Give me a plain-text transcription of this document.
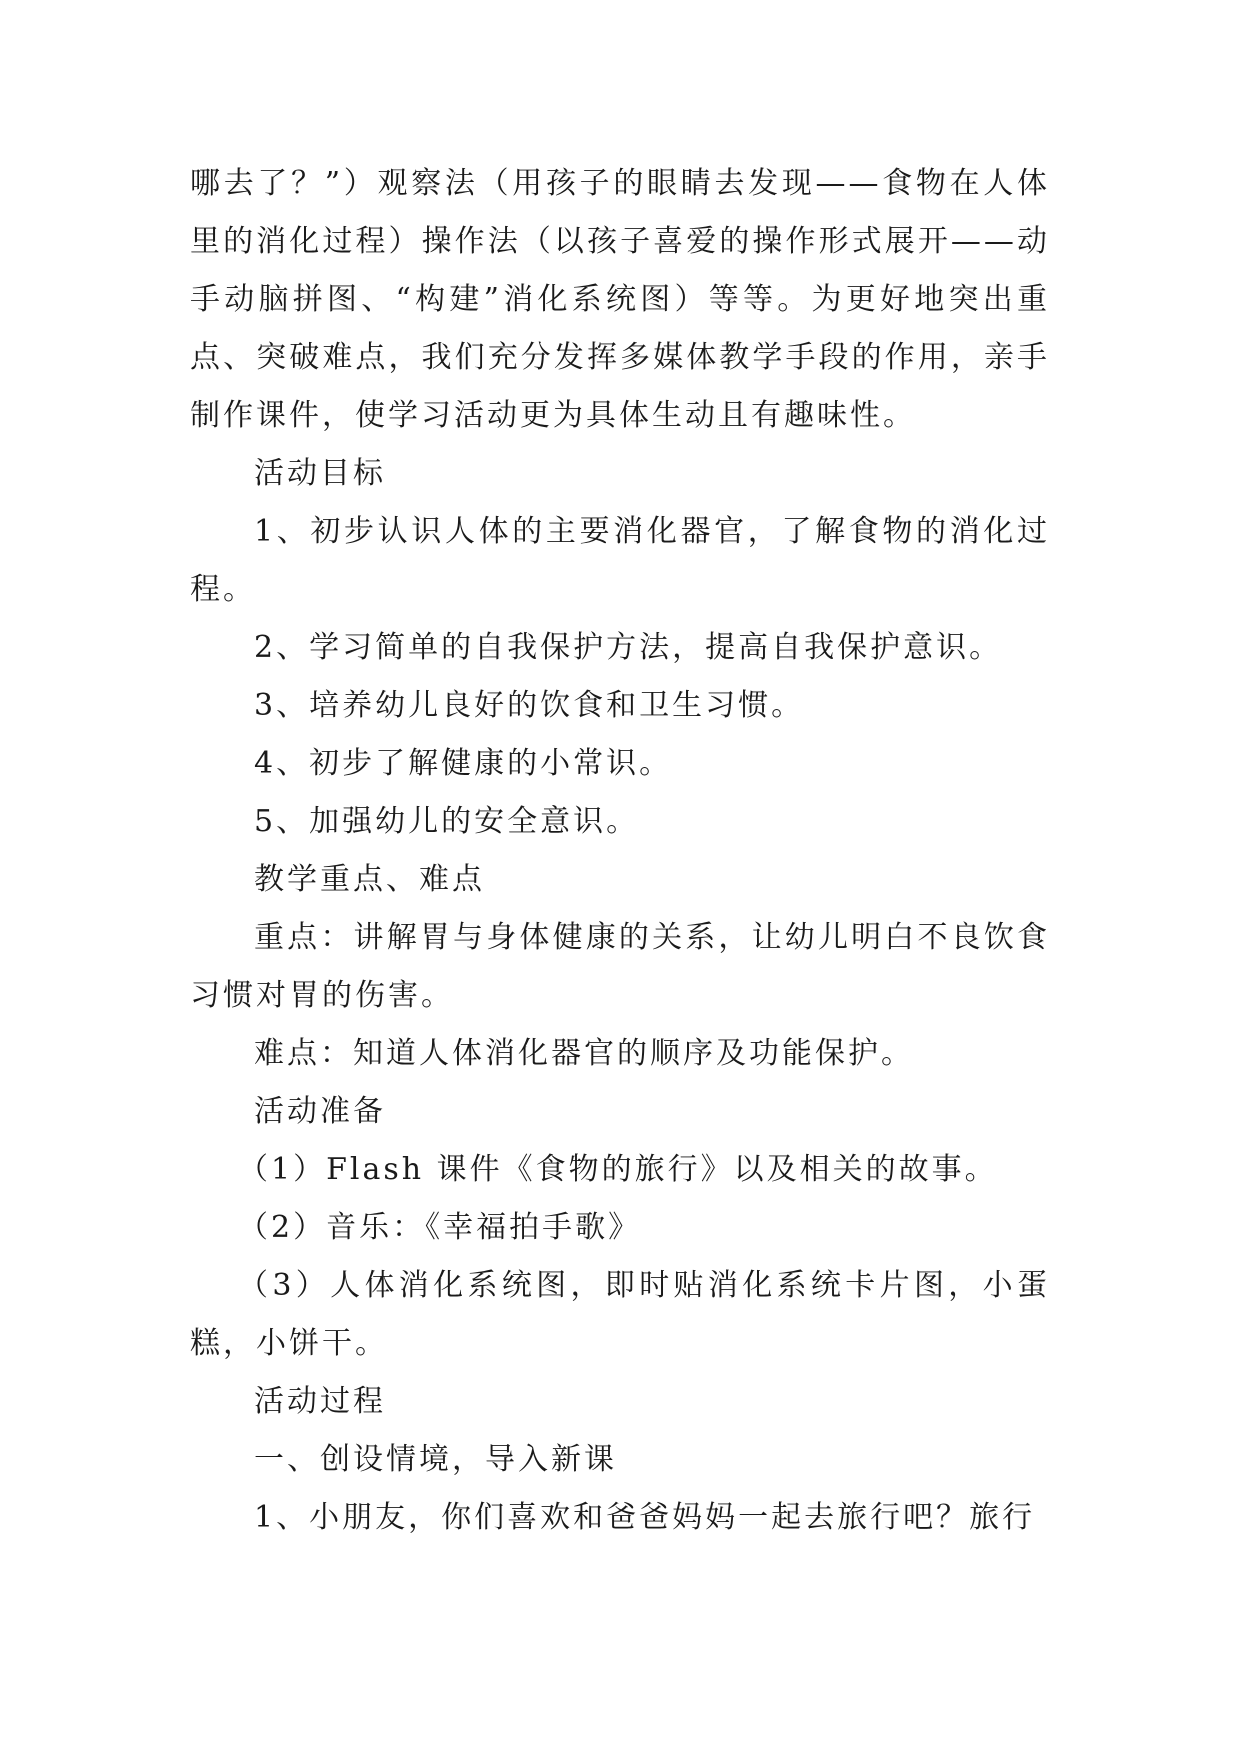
哪去了？”）观察法（用孩子的眼睛去发现——食物在人体里的消化过程）操作法（以孩子喜爱的操作形式展开——动手动脑拼图、“构建”消化系统图）等等。为更好地突出重点、突破难点，我们充分发挥多媒体教学手段的作用，亲手制作课件，使学习活动更为具体生动且有趣味性。

活动目标

1、初步认识人体的主要消化器官，了解食物的消化过程。

2、学习简单的自我保护方法，提高自我保护意识。

3、培养幼儿良好的饮食和卫生习惯。

4、初步了解健康的小常识。

5、加强幼儿的安全意识。

教学重点、难点

重点：讲解胃与身体健康的关系，让幼儿明白不良饮食习惯对胃的伤害。

难点：知道人体消化器官的顺序及功能保护。

活动准备

（1）Flash 课件《食物的旅行》以及相关的故事。

（2）音乐：《幸福拍手歌》

（3）人体消化系统图，即时贴消化系统卡片图，小蛋糕，小饼干。

活动过程

一、创设情境，导入新课

1、小朋友，你们喜欢和爸爸妈妈一起去旅行吧？旅行
